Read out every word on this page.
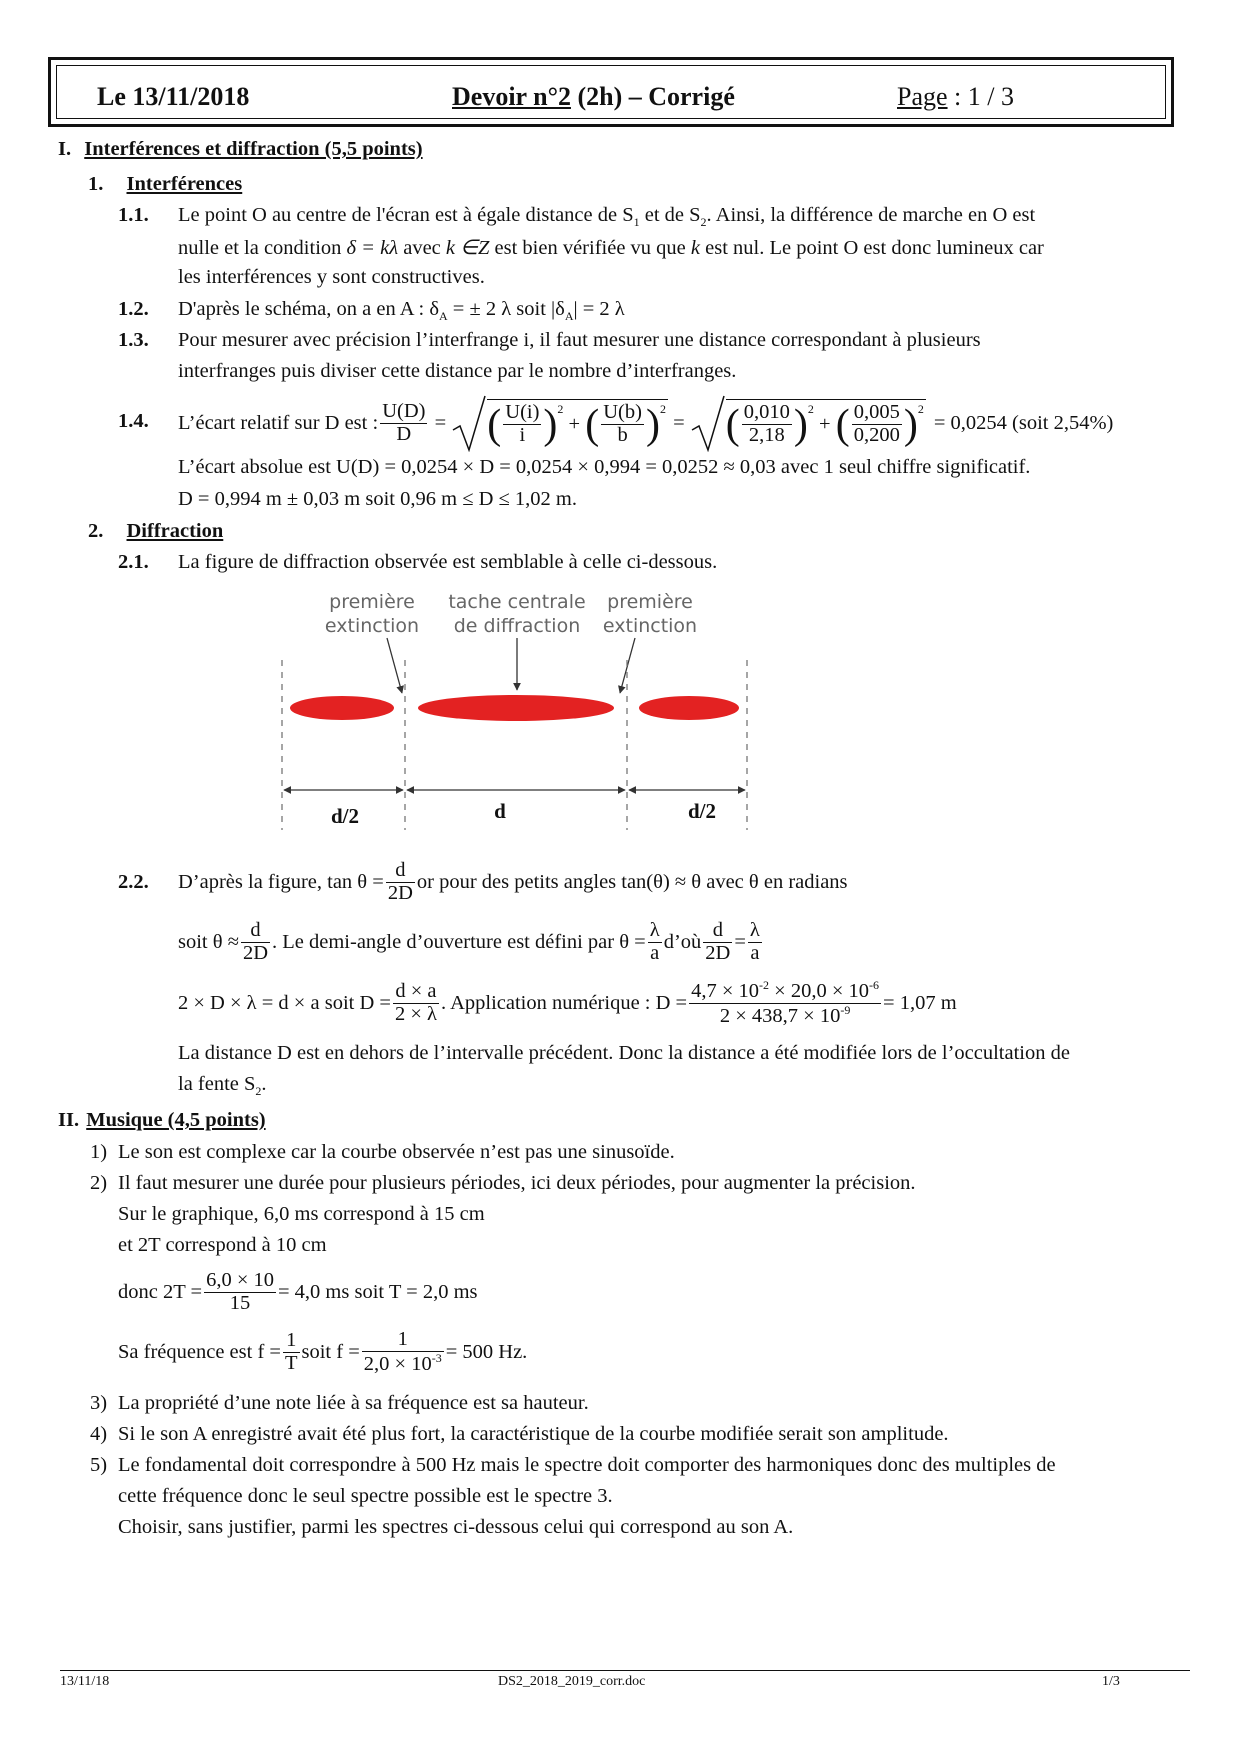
Le 13/11/2018	Devoir n°2 (2h) – Corrigé	Page : 1 / 3
I. Interférences et diffraction (5,5 points)
1. Interférences
1.1. Le point O au centre de l'écran est à égale distance de $S_1$ et de $S_2$. Ainsi, la différence de marche en O est
nulle et la condition δ = kλ avec k ∈Z est bien vérifiée vu que k est nul. Le point O est donc lumineux car
les interférences y sont constructives.
1.2. D'après le schéma, on a en A : $\delta_A$ = ± 2 λ soit $|\delta_A| = 2$ λ
1.3. Pour mesurer avec précision l’interfrange i, il faut mesurer une distance correspondant à plusieurs
interfranges puis diviser cette distance par le nombre d’interfranges.
1.4. L’écart relatif sur D est : $\frac{U(D)}{D}$ = ( $\frac{U(i)}{i} )^2$
+ ( $\frac{U(b)}{b} )^2$
= ( $\frac{0,010}{2,18} )^2$
+ ( $\frac{0,005}{0,200} )^2$
= 0,0254 (soit 2,54%)
L’écart absolue est U(D) = 0,0254 × D = 0,0254 × 0,994 = 0,0252 ≈ 0,03 avec 1 seul chiffre significatif.
D = 0,994 m ± 0,03 m soit 0,96 m ≤ D ≤ 1,02 m.
2. Diffraction
2.1. La figure de diffraction observée est semblable à celle ci-dessous.
première
extinction
tache centrale
de diffraction
première
extinction
d/2	d	d/2
2.2. D’après la figure, $\tan \theta = \frac{d}{2D}$ or pour des petits angles tan(θ) ≈ θ avec θ en radians
soit $\theta \approx \frac{d}{2D}$ . Le demi-angle d’ouverture est défini par $\theta = \frac{\lambda}{a}$ d’où $\frac{d}{2D} = \frac{\lambda}{a}$
2 × D × λ = d × a soit $D = \frac{d \times a}{2 \times \lambda}$ . Application numérique : $D = \frac{4,7 \times 10^{-2} \times 20,0 \times 10^{-6}}{2 \times 438,7 \times 10^{-9}} = 1,07$ m
La distance D est en dehors de l’intervalle précédent. Donc la distance a été modifiée lors de l’occultation de
la fente $S_2$.
II. Musique (4,5 points)
1) Le son est complexe car la courbe observée n’est pas une sinusoïde.
2) Il faut mesurer une durée pour plusieurs périodes, ici deux périodes, pour augmenter la précision.
Sur le graphique, 6,0 ms correspond à 15 cm
et 2T correspond à 10 cm
donc $2T = \frac{6,0 \times 10}{15} = 4,0$ ms soit T = 2,0 ms
Sa fréquence est $f = \frac{1}{T}$ soit $f = \frac{1}{2,0 \times 10^{-3}} = 500$ Hz.
3) La propriété d’une note liée à sa fréquence est sa hauteur.
4) Si le son A enregistré avait été plus fort, la caractéristique de la courbe modifiée serait son amplitude.
5) Le fondamental doit correspondre à 500 Hz mais le spectre doit comporter des harmoniques donc des multiples de
cette fréquence donc le seul spectre possible est le spectre 3.
Choisir, sans justifier, parmi les spectres ci-dessous celui qui correspond au son A.
13/11/18	DS2_2018_2019_corr.doc	1/3
